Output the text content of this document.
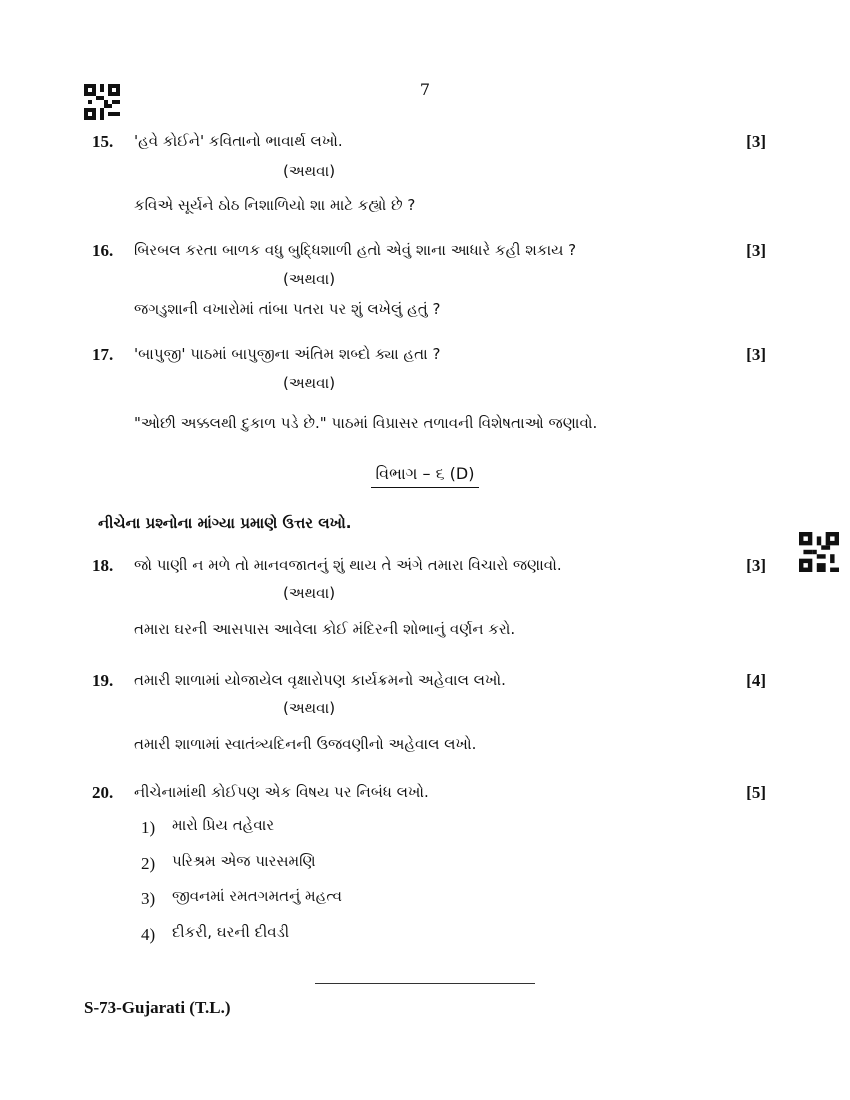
7
15. 'હવે કોઈને' કવિતાનો ભાવાર્થ લખો.	[3]
(અથવા)
કવિએ સૂર્યને ઠોઠ નિશાળિયો શા માટે કહ્યો છે ?
16. બિરબલ કરતા બાળક વધુ બુદ્ધિશાળી હતો એવું શાના આધારે કહી શકાય ?	[3]
(અથવા)
જગડુશાની વખારોમાં તાંબા પતરા પર શું લખેલું હતું ?
17. 'બાપુજી' પાઠમાં બાપુજીના અંતિમ શબ્દો ક્યા હતા ?	[3]
(અથવા)
"ઓછી અક્કલથી દુકાળ પડે છે." પાઠમાં વિપ્રાસર તળાવની વિશેષતાઓ જણાવો.
વિભાગ – ૬ (D)
નીચેના પ્રશ્નોના માંગ્યા પ્રમાણે ઉત્તર લખો.
18. જો પાણી ન મળે તો માનવજાતનું શું થાય તે અંગે તમારા વિચારો જણાવો.	[3]
(અથવા)
તમારા ઘરની આસપાસ આવેલા કોઈ મંદિરની શોભાનું વર્ણન કરો.
19. તમારી શાળામાં યોજાયેલ વૃક્ષારોપણ કાર્યક્રમનો અહેવાલ લખો.	[4]
(અથવા)
તમારી શાળામાં સ્વાતંત્ર્યદિનની ઉજવણીનો અહેવાલ લખો.
20. નીચેનામાંથી કોઈપણ એક વિષય પર નિબંધ લખો.	[5]
1)	મારો પ્રિય તહેવાર
2)	પરિશ્રમ એજ પારસમણિ
3)	જીવનમાં રમતગમતનું મહત્વ
4)	દીકરી, ઘરની દીવડી
S-73-Gujarati (T.L.)
